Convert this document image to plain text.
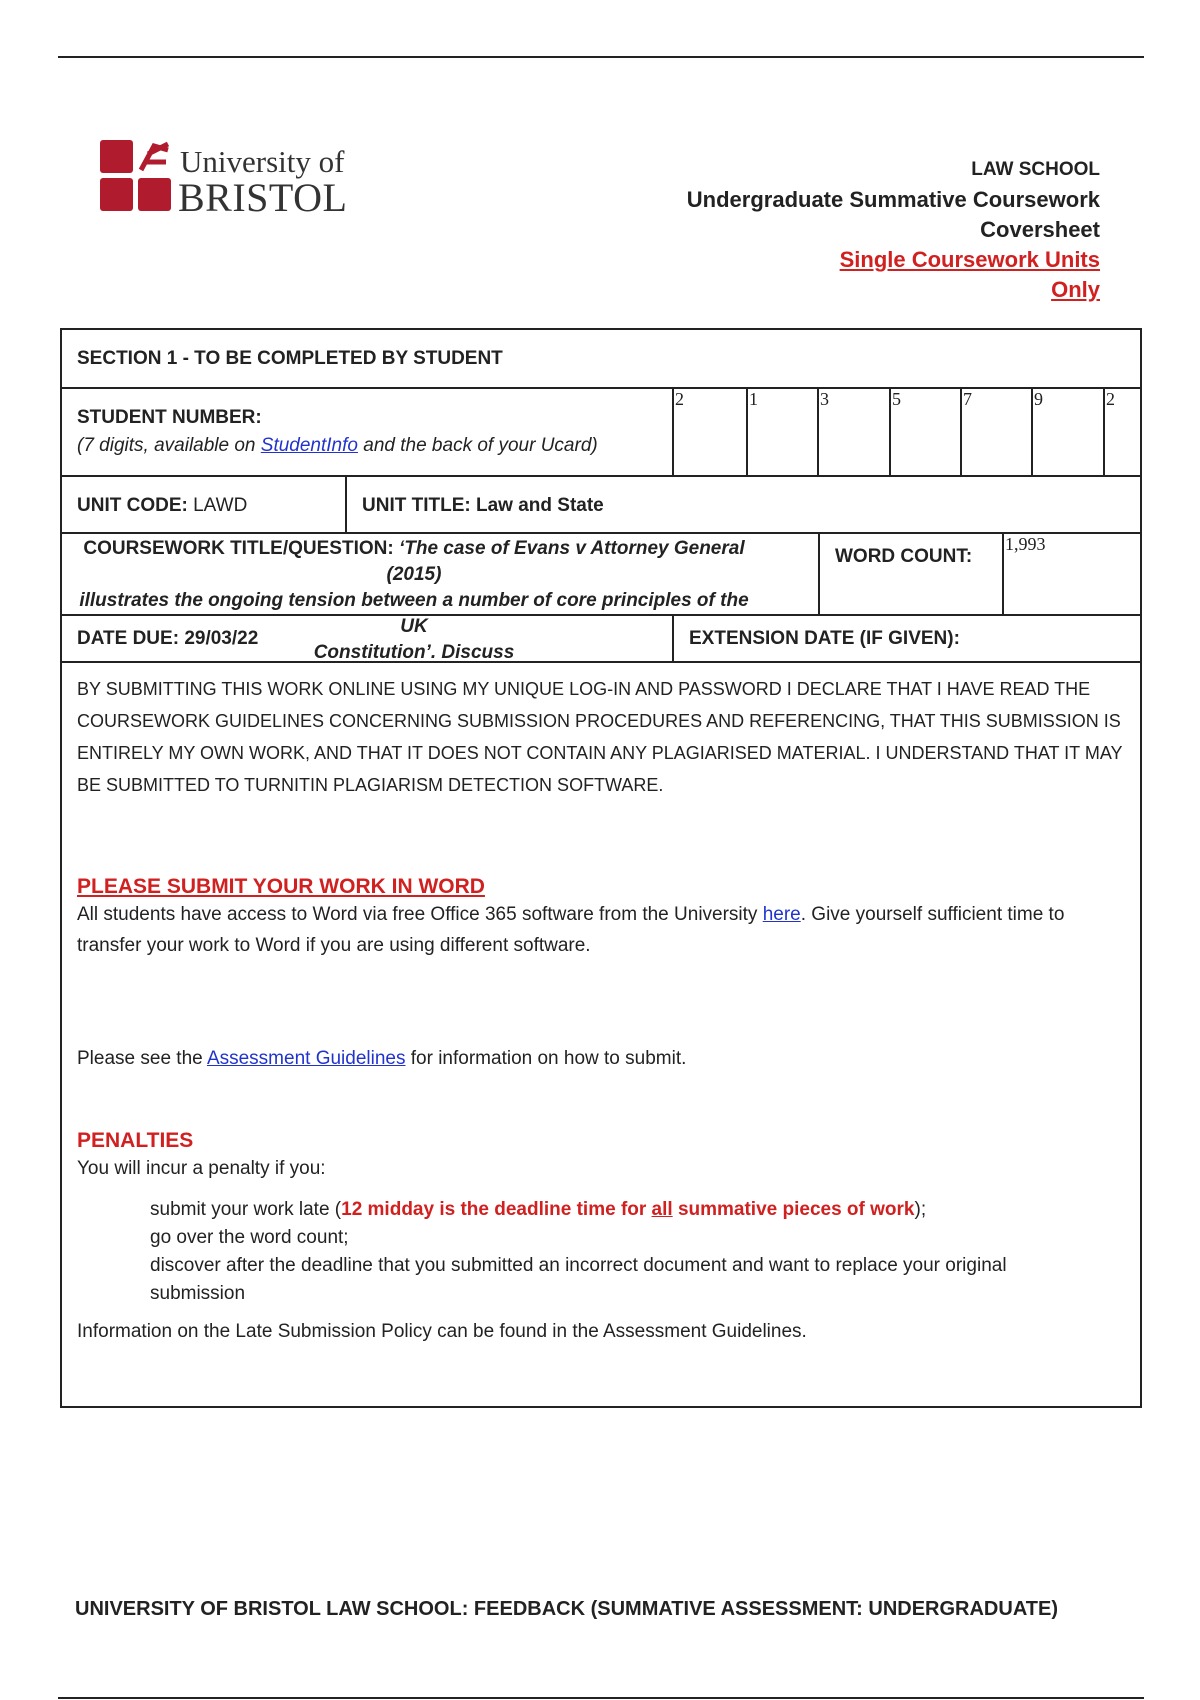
University of
BRISTOL
LAW SCHOOL
Undergraduate Summative Coursework
Coversheet
Single Coursework Units
Only
SECTION 1 - TO BE COMPLETED BY STUDENT
STUDENT NUMBER:
(7 digits, available on StudentInfo and the back of your Ucard)
2	1	3	5	7	9	2
UNIT CODE: LAWD	UNIT TITLE: Law and State
COURSEWORK TITLE/QUESTION: ‘The case of Evans v Attorney General (2015)
illustrates the ongoing tension between a number of core principles of the UK
Constitution’. Discuss
WORD COUNT:
1,993
DATE DUE: 29/03/22	EXTENSION DATE (IF GIVEN):
BY SUBMITTING THIS WORK ONLINE USING MY UNIQUE LOG-IN AND PASSWORD I DECLARE THAT I HAVE READ THE COURSEWORK GUIDELINES CONCERNING SUBMISSION PROCEDURES AND REFERENCING, THAT THIS SUBMISSION IS ENTIRELY MY OWN WORK, AND THAT IT DOES NOT CONTAIN ANY PLAGIARISED MATERIAL. I UNDERSTAND THAT IT MAY BE SUBMITTED TO TURNITIN PLAGIARISM DETECTION SOFTWARE.
PLEASE SUBMIT YOUR WORK IN WORD
All students have access to Word via free Office 365 software from the University here. Give yourself sufficient time to transfer your work to Word if you are using different software.
Please see the Assessment Guidelines for information on how to submit.
PENALTIES
You will incur a penalty if you:
submit your work late (12 midday is the deadline time for all summative pieces of work);
go over the word count;
discover after the deadline that you submitted an incorrect document and want to replace your original submission
Information on the Late Submission Policy can be found in the Assessment Guidelines.
UNIVERSITY OF BRISTOL LAW SCHOOL: FEEDBACK (SUMMATIVE ASSESSMENT: UNDERGRADUATE)
